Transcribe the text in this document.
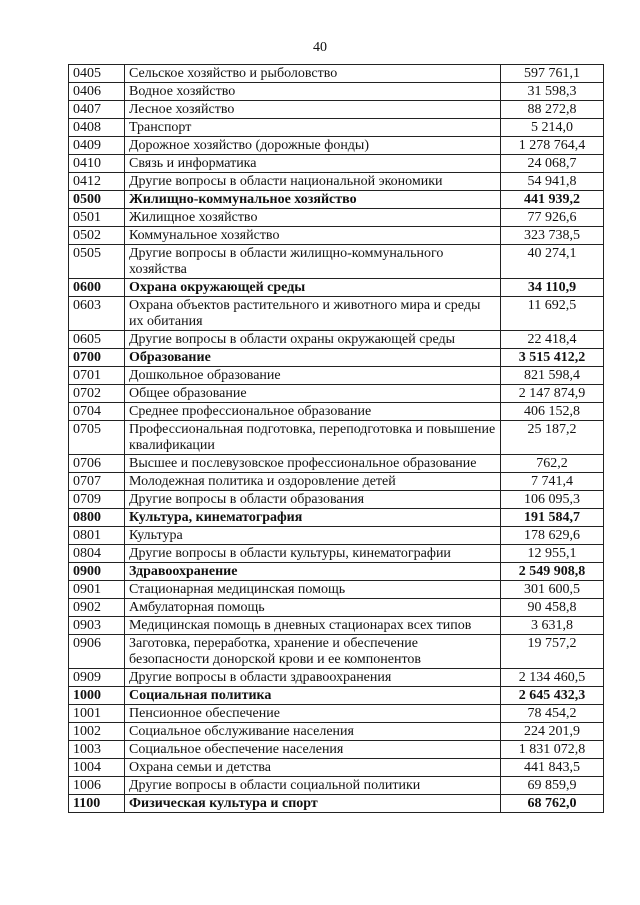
40
0405	Сельское хозяйство и рыболовство	597 761,1
0406	Водное хозяйство	31 598,3
0407	Лесное хозяйство	88 272,8
0408	Транспорт	5 214,0
0409	Дорожное хозяйство (дорожные фонды)	1 278 764,4
0410	Связь и информатика	24 068,7
0412	Другие вопросы в области национальной экономики	54 941,8
0500	Жилищно-коммунальное хозяйство	441 939,2
0501	Жилищное хозяйство	77 926,6
0502	Коммунальное хозяйство	323 738,5
0505	Другие вопросы в области жилищно-коммунального хозяйства	40 274,1
0600	Охрана окружающей среды	34 110,9
0603	Охрана объектов растительного и животного мира и среды их обитания	11 692,5
0605	Другие вопросы в области охраны окружающей среды	22 418,4
0700	Образование	3 515 412,2
0701	Дошкольное образование	821 598,4
0702	Общее образование	2 147 874,9
0704	Среднее профессиональное образование	406 152,8
0705	Профессиональная подготовка, переподготовка и повышение квалификации	25 187,2
0706	Высшее и послевузовское профессиональное образование	762,2
0707	Молодежная политика и оздоровление детей	7 741,4
0709	Другие вопросы в области образования	106 095,3
0800	Культура, кинематография	191 584,7
0801	Культура	178 629,6
0804	Другие вопросы в области культуры, кинематографии	12 955,1
0900	Здравоохранение	2 549 908,8
0901	Стационарная медицинская помощь	301 600,5
0902	Амбулаторная помощь	90 458,8
0903	Медицинская помощь в дневных стационарах всех типов	3 631,8
0906	Заготовка, переработка, хранение и обеспечение безопасности донорской крови и ее компонентов	19 757,2
0909	Другие вопросы в области здравоохранения	2 134 460,5
1000	Социальная политика	2 645 432,3
1001	Пенсионное обеспечение	78 454,2
1002	Социальное обслуживание населения	224 201,9
1003	Социальное обеспечение населения	1 831 072,8
1004	Охрана семьи и детства	441 843,5
1006	Другие вопросы в области социальной политики	69 859,9
1100	Физическая культура и спорт	68 762,0
